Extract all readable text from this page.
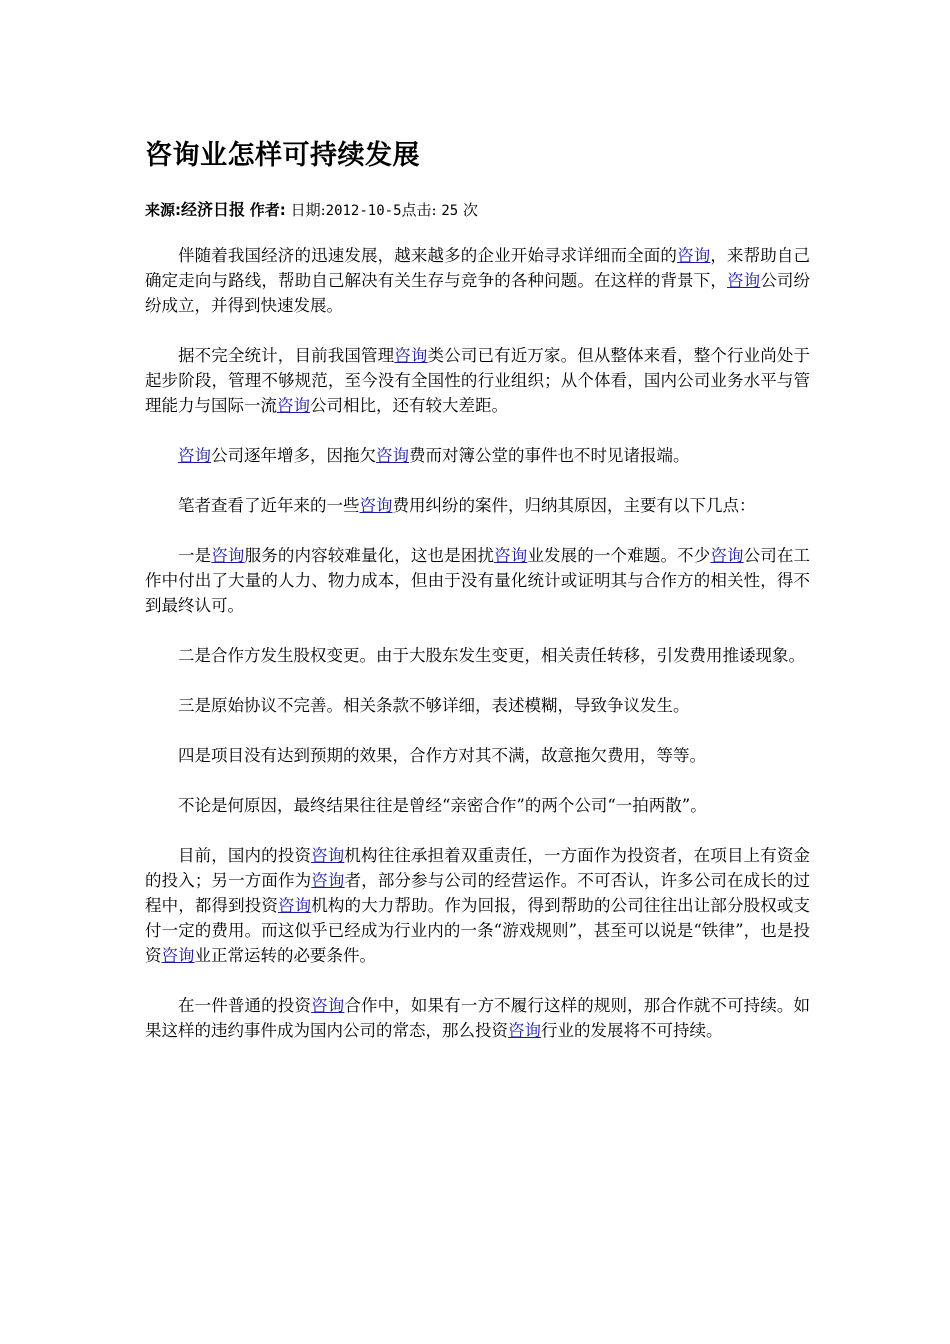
咨询业怎样可持续发展
来源:经济日报 作者: 日期:2012-10-5点击: 25 次

伴随着我国经济的迅速发展，越来越多的企业开始寻求详细而全面的咨询，来帮助自己确定走向与路线，帮助自己解决有关生存与竞争的各种问题。在这样的背景下，咨询公司纷纷成立，并得到快速发展。

据不完全统计，目前我国管理咨询类公司已有近万家。但从整体来看，整个行业尚处于起步阶段，管理不够规范，至今没有全国性的行业组织；从个体看，国内公司业务水平与管理能力与国际一流咨询公司相比，还有较大差距。

咨询公司逐年增多，因拖欠咨询费而对簿公堂的事件也不时见诸报端。

笔者查看了近年来的一些咨询费用纠纷的案件，归纳其原因，主要有以下几点：

一是咨询服务的内容较难量化，这也是困扰咨询业发展的一个难题。不少咨询公司在工作中付出了大量的人力、物力成本，但由于没有量化统计或证明其与合作方的相关性，得不到最终认可。

二是合作方发生股权变更。由于大股东发生变更，相关责任转移，引发费用推诿现象。

三是原始协议不完善。相关条款不够详细，表述模糊，导致争议发生。

四是项目没有达到预期的效果，合作方对其不满，故意拖欠费用，等等。

不论是何原因，最终结果往往是曾经“亲密合作”的两个公司“一拍两散”。

目前，国内的投资咨询机构往往承担着双重责任，一方面作为投资者，在项目上有资金的投入；另一方面作为咨询者，部分参与公司的经营运作。不可否认，许多公司在成长的过程中，都得到投资咨询机构的大力帮助。作为回报，得到帮助的公司往往出让部分股权或支付一定的费用。而这似乎已经成为行业内的一条“游戏规则”，甚至可以说是“铁律”，也是投资咨询业正常运转的必要条件。

在一件普通的投资咨询合作中，如果有一方不履行这样的规则，那合作就不可持续。如果这样的违约事件成为国内公司的常态，那么投资咨询行业的发展将不可持续。
